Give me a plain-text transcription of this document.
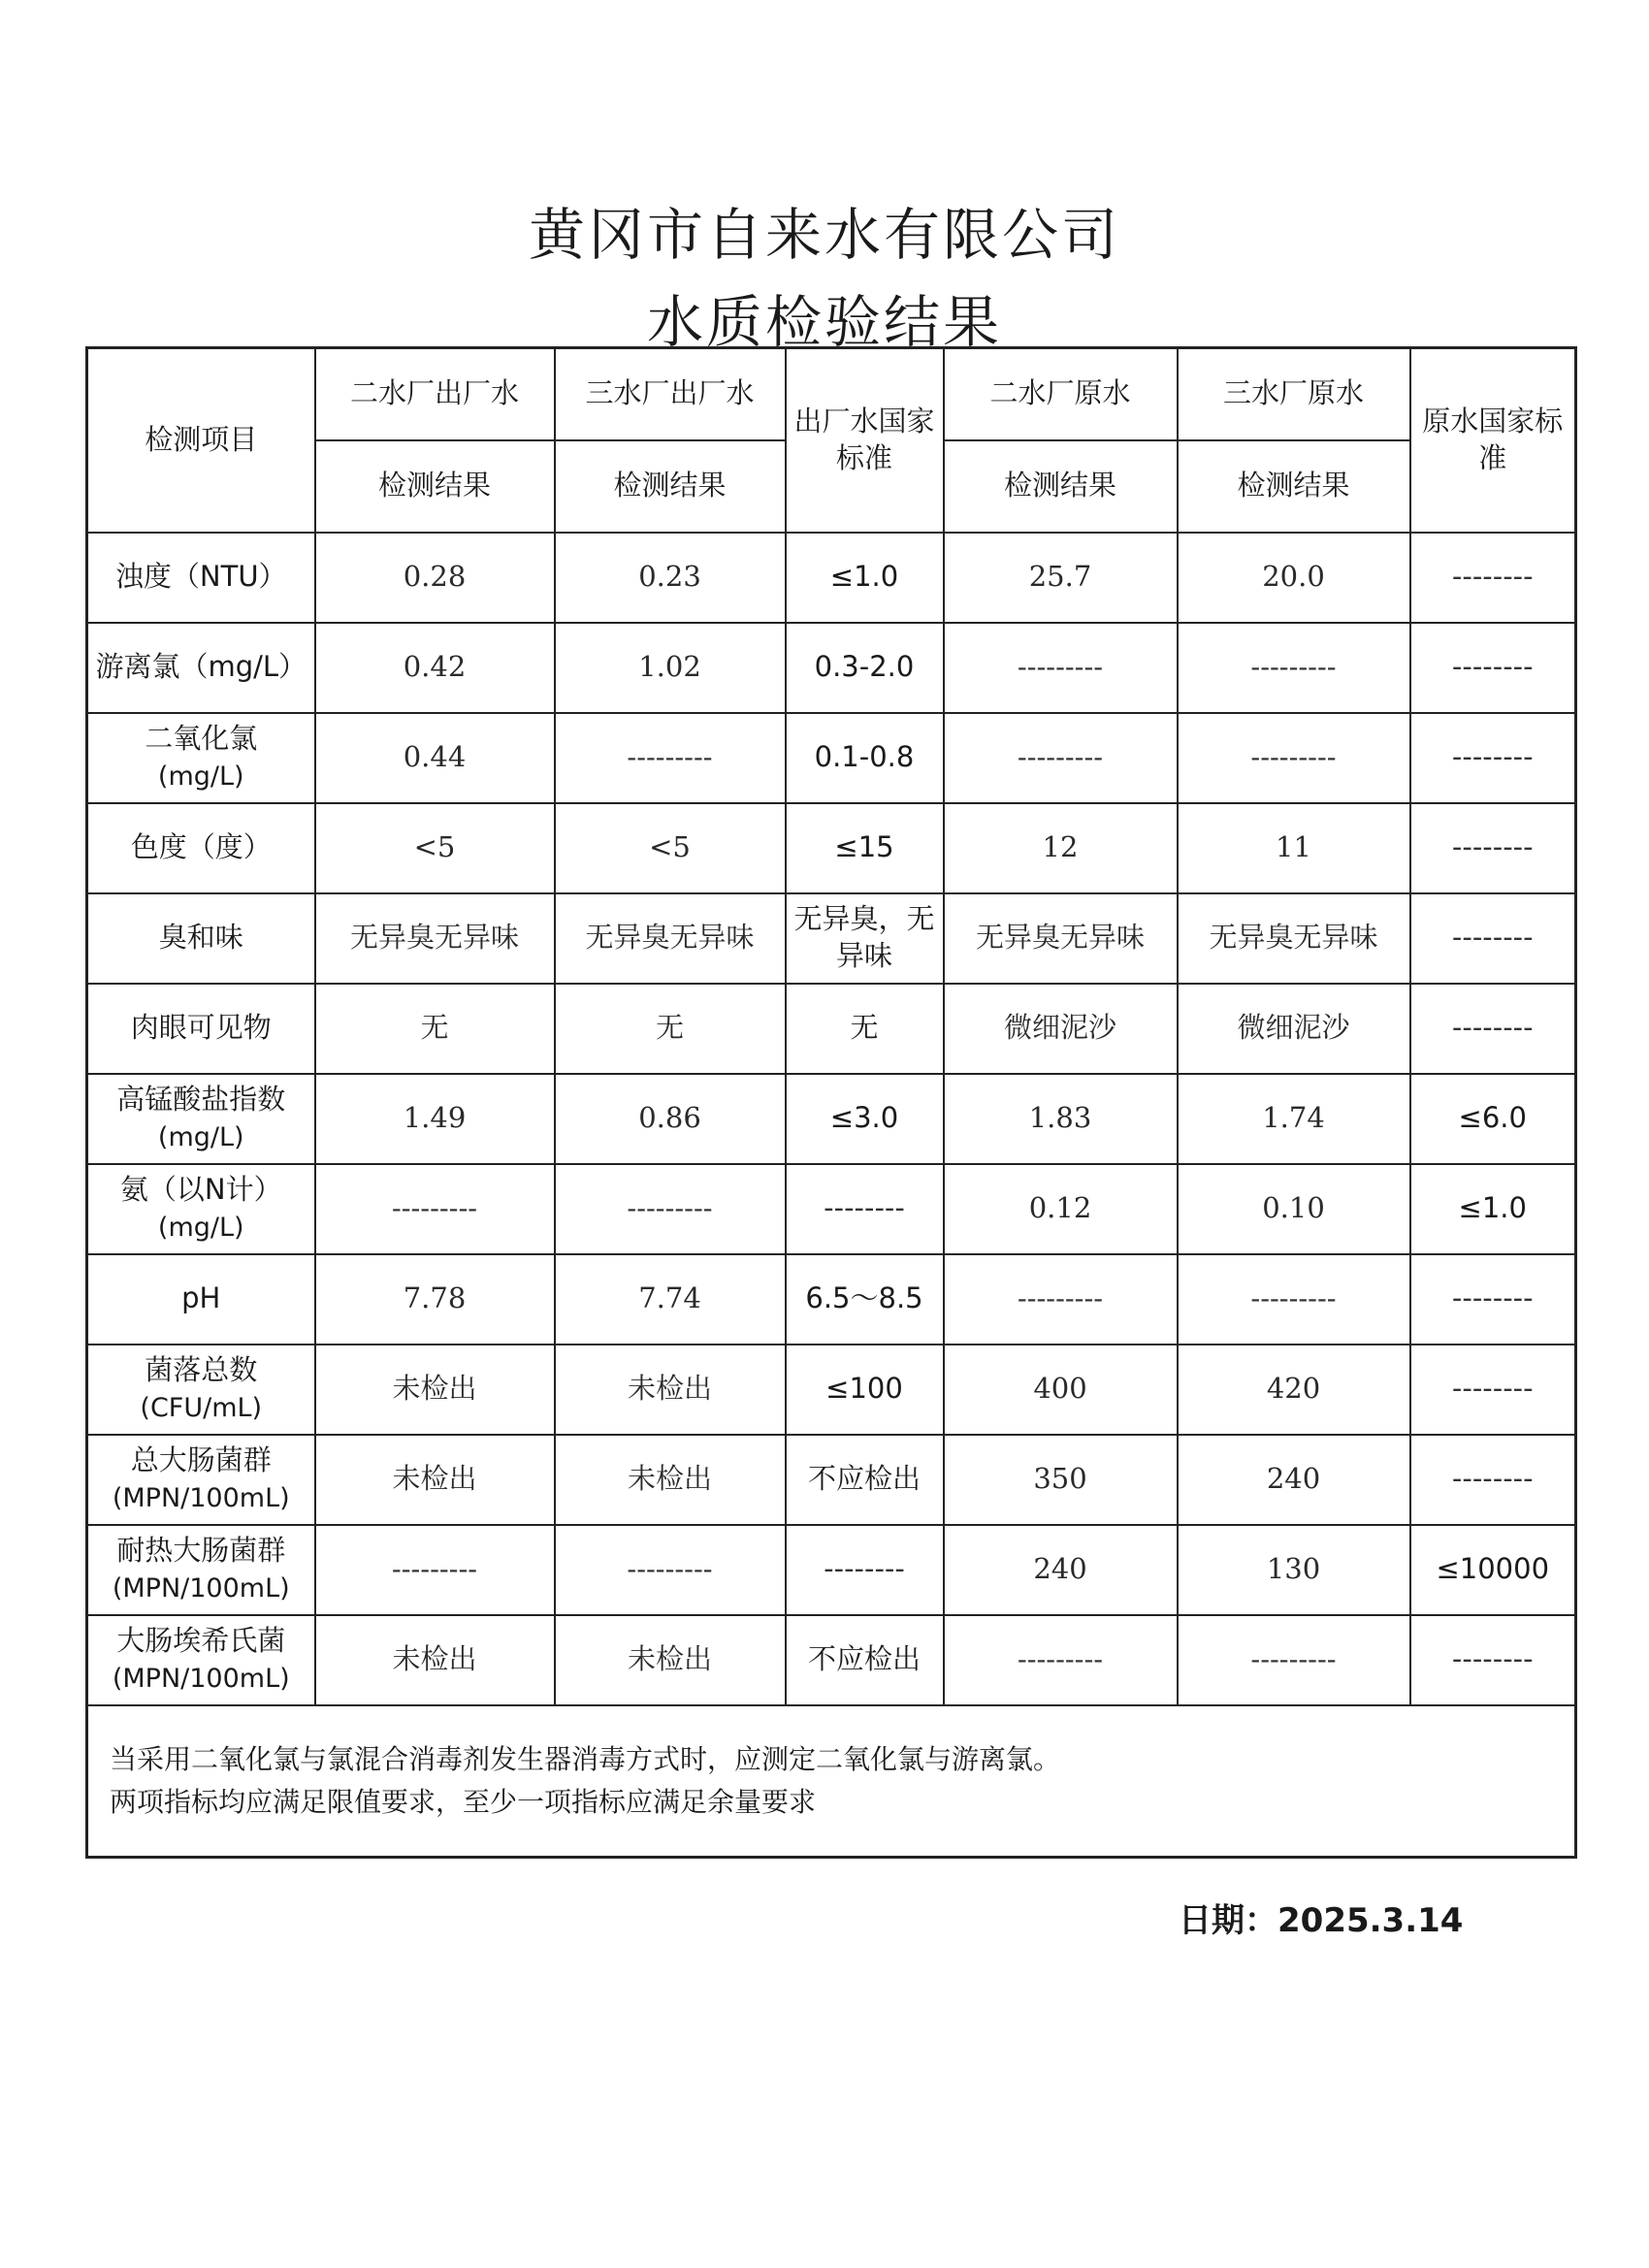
黄冈市自来水有限公司
水质检验结果
检测项目	二水厂出厂水	三水厂出厂水	出厂水国家标准	二水厂原水	三水厂原水	原水国家标准
	检测结果	检测结果		检测结果	检测结果	
浊度（NTU）	0.28	0.23	≤1.0	25.7	20.0	--------
游离氯（mg/L）	0.42	1.02	0.3-2.0	---------	---------	--------
二氧化氯
(mg/L)	0.44	---------	0.1-0.8	---------	---------	--------
色度（度）	<5	<5	≤15	12	11	--------
臭和味	无异臭无异味	无异臭无异味	无异臭，无异味	无异臭无异味	无异臭无异味	--------
肉眼可见物	无	无	无	微细泥沙	微细泥沙	--------
高锰酸盐指数
(mg/L)	1.49	0.86	≤3.0	1.83	1.74	≤6.0
氨（以N计）
(mg/L)	---------	---------	--------	0.12	0.10	≤1.0
pH	7.78	7.74	6.5～8.5	---------	---------	--------
菌落总数
(CFU/mL)	未检出	未检出	≤100	400	420	--------
总大肠菌群
(MPN/100mL)	未检出	未检出	不应检出	350	240	--------
耐热大肠菌群
(MPN/100mL)	---------	---------	--------	240	130	≤10000
大肠埃希氏菌
(MPN/100mL)	未检出	未检出	不应检出	---------	---------	--------

当采用二氧化氯与氯混合消毒剂发生器消毒方式时，应测定二氧化氯与游离氯。
两项指标均应满足限值要求，至少一项指标应满足余量要求						
日期：2025.3.14
